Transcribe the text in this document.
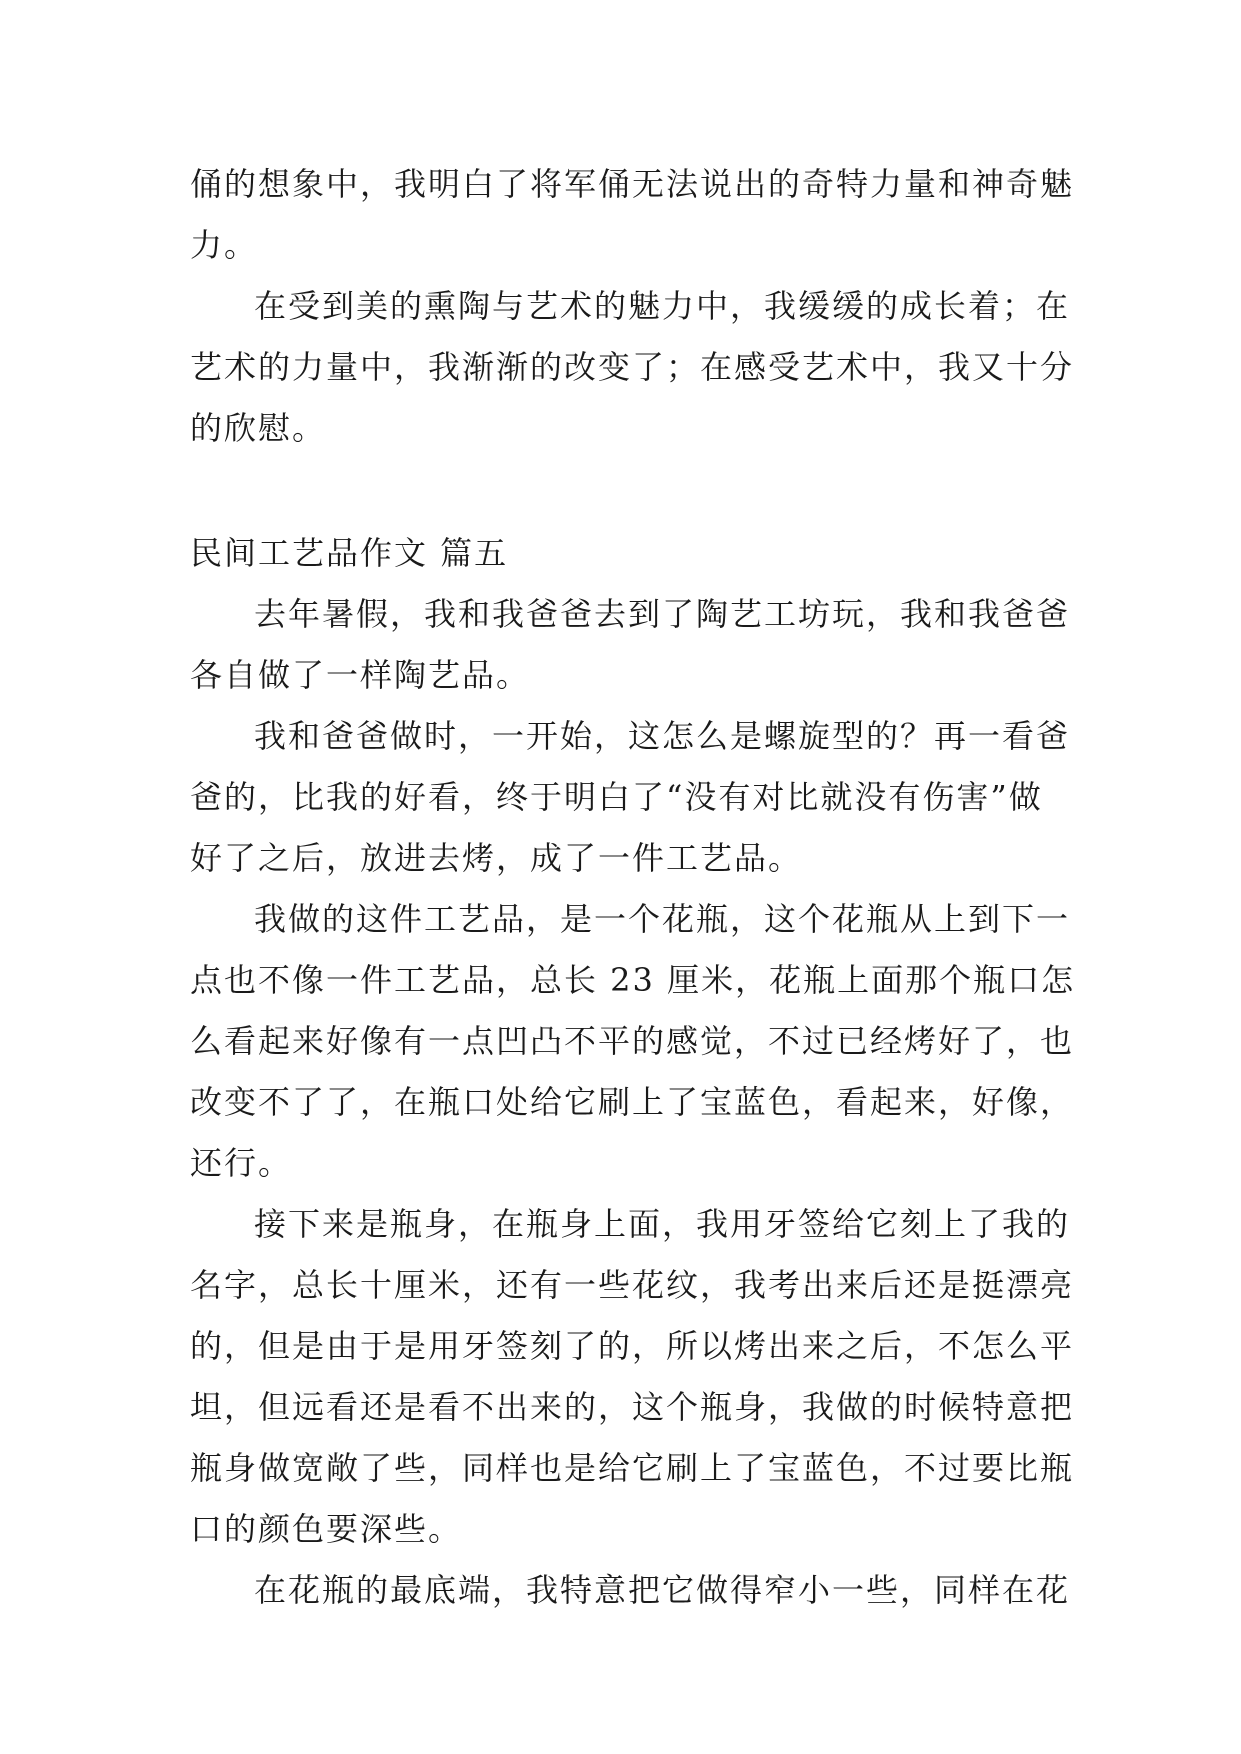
俑的想象中，我明白了将军俑无法说出的奇特力量和神奇魅
力。
在受到美的熏陶与艺术的魅力中，我缓缓的成长着；在
艺术的力量中，我渐渐的改变了；在感受艺术中，我又十分
的欣慰。
民间工艺品作文 篇五
去年暑假，我和我爸爸去到了陶艺工坊玩，我和我爸爸
各自做了一样陶艺品。
我和爸爸做时，一开始，这怎么是螺旋型的？再一看爸
爸的，比我的好看，终于明白了“没有对比就没有伤害”做
好了之后，放进去烤，成了一件工艺品。
我做的这件工艺品，是一个花瓶，这个花瓶从上到下一
点也不像一件工艺品，总长 23 厘米，花瓶上面那个瓶口怎
么看起来好像有一点凹凸不平的感觉，不过已经烤好了，也
改变不了了，在瓶口处给它刷上了宝蓝色，看起来，好像，
还行。
接下来是瓶身，在瓶身上面，我用牙签给它刻上了我的
名字，总长十厘米，还有一些花纹，我考出来后还是挺漂亮
的，但是由于是用牙签刻了的，所以烤出来之后，不怎么平
坦，但远看还是看不出来的，这个瓶身，我做的时候特意把
瓶身做宽敞了些，同样也是给它刷上了宝蓝色，不过要比瓶
口的颜色要深些。
在花瓶的最底端，我特意把它做得窄小一些，同样在花
